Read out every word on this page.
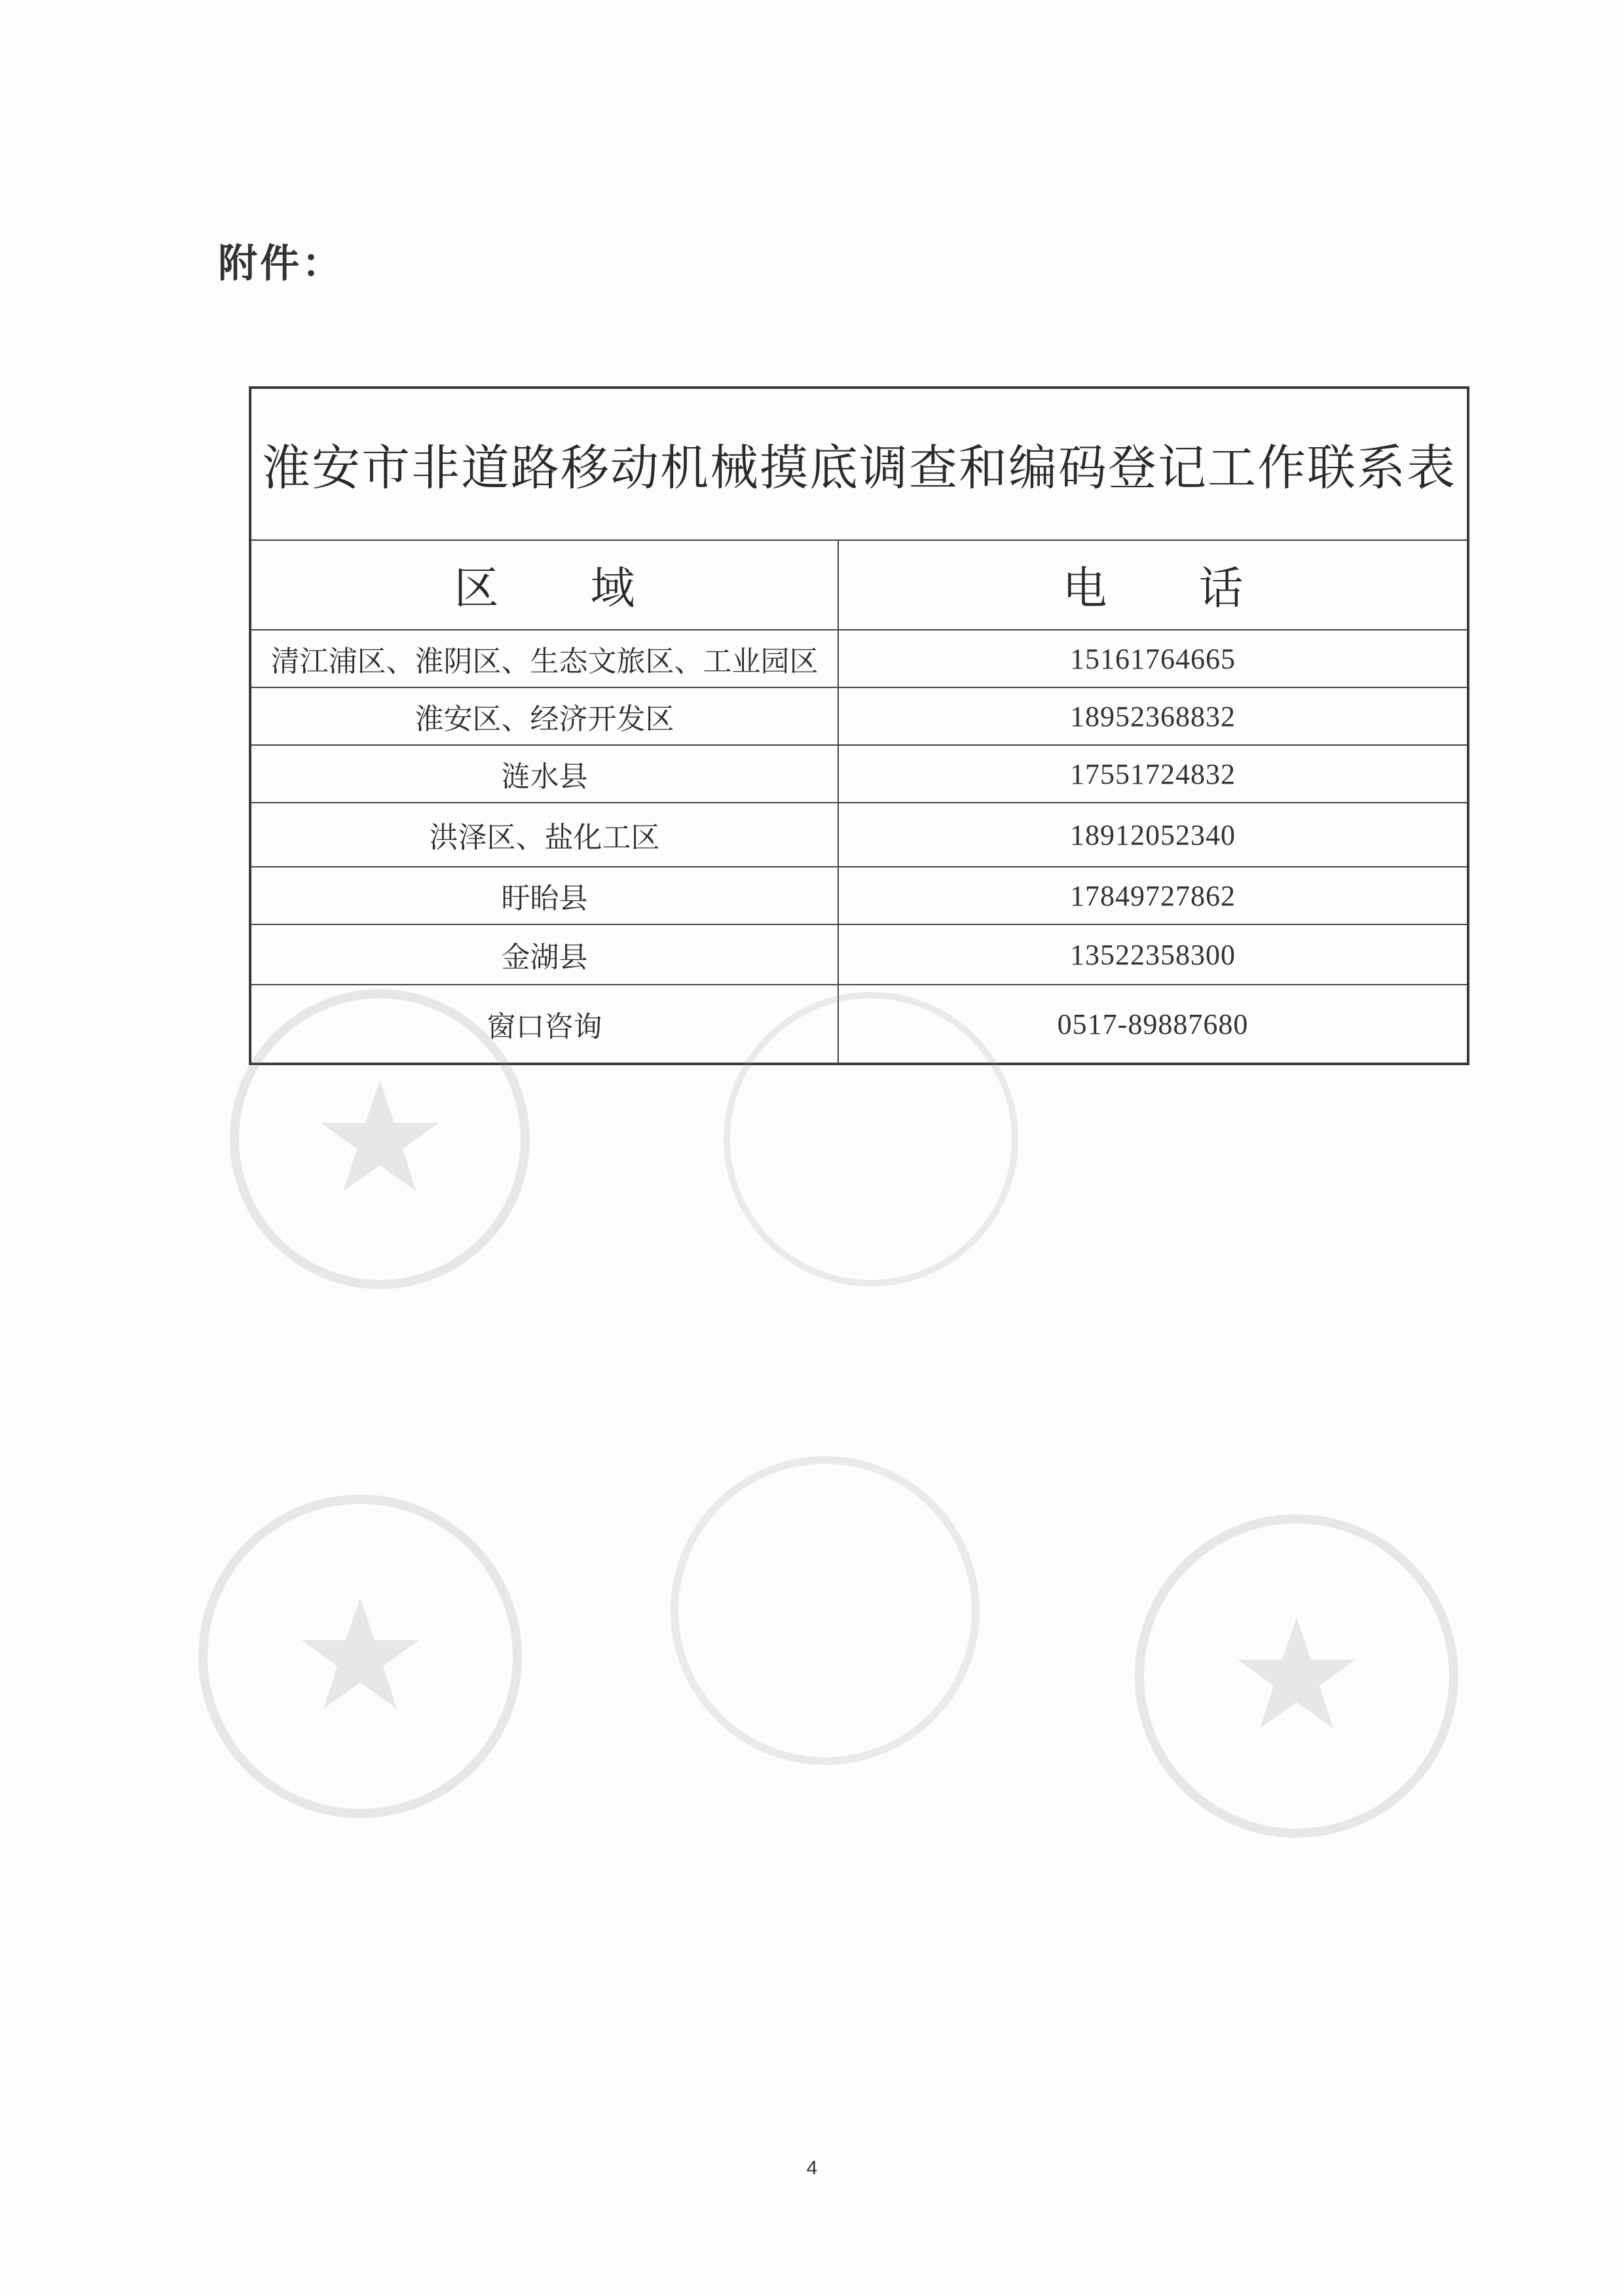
附件：
淮安市非道路移动机械摸底调查和编码登记工作联系表	
区域	电话
清江浦区、淮阴区、生态文旅区、工业园区	15161764665
淮安区、经济开发区	18952368832
涟水县	17551724832
洪泽区、盐化工区	18912052340
盱眙县	17849727862
金湖县	13522358300
窗口咨询	0517-89887680
4
